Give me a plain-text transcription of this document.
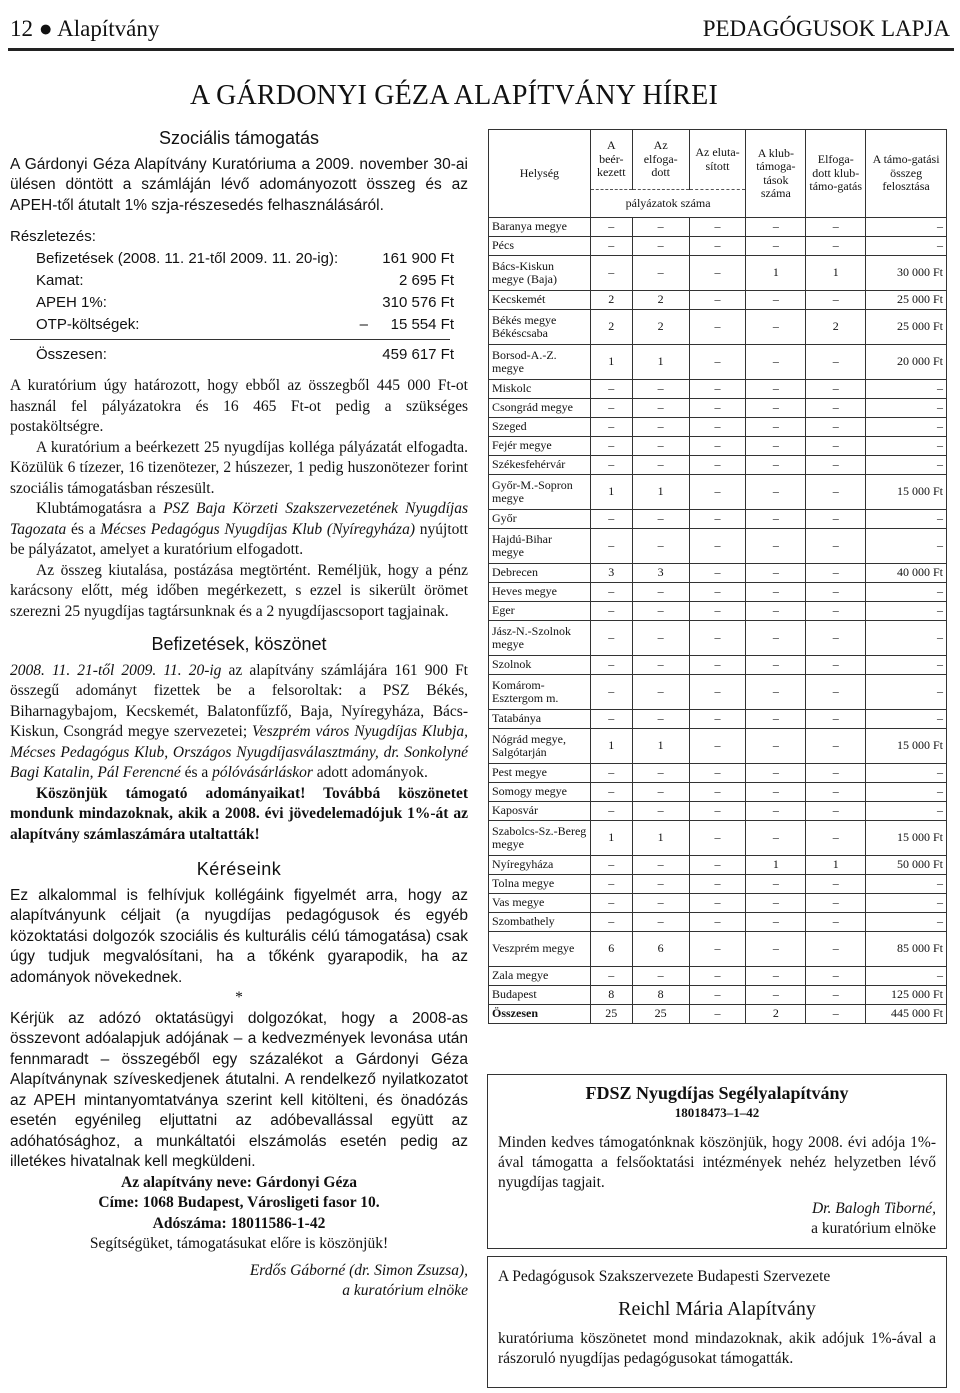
12 ● Alapítvány	PEDAGÓGUSOK LAPJA
A GÁRDONYI GÉZA ALAPÍTVÁNY HÍREI
Szociális támogatás

A Gárdonyi Géza Alapítvány Kuratóriuma a 2009. november 30-ai ülésen döntött a számláján lévő adományozott összeg és az APEH-től átutalt 1% szja-részesedés felhasználásáról.

Részletezés:
Befizetések (2008. 11. 21-től 2009. 11. 20-ig):	161 900 Ft
Kamat:	2 695 Ft
APEH 1%:	310 576 Ft
OTP-költségek:	– 15 554 Ft
Összesen:	459 617 Ft

A kuratórium úgy határozott, hogy ebből az összegből 445 000 Ft-ot használ fel pályázatokra és 16 465 Ft-ot pedig a szükséges postaköltségre.

A kuratórium a beérkezett 25 nyugdíjas kolléga pályázatát elfogadta. Közülük 6 tízezer, 16 tizenötezer, 2 húszezer, 1 pedig huszonötezer forint szociális támogatásban részesült.

Klubtámogatásra a PSZ Baja Körzeti Szakszervezetének Nyugdíjas Tagozata és a Mécses Pedagógus Nyugdíjas Klub (Nyíregyháza) nyújtott be pályázatot, amelyet a kuratórium elfogadott.

Az összeg kiutalása, postázása megtörtént. Reméljük, hogy a pénz karácsony előtt, még időben megérkezett, s ezzel is sikerült örömet szerezni 25 nyugdíjas tagtársunknak és a 2 nyugdíjascsoport tagjainak.

Befizetések, köszönet

2008. 11. 21-től 2009. 11. 20-ig az alapítvány számlájára 161 900 Ft összegű adományt fizettek be a felsoroltak: a PSZ Békés, Biharnagybajom, Kecskemét, Balatonfűzfő, Baja, Nyíregyháza, Bács-Kiskun, Csongrád megye szervezetei; Veszprém város Nyugdíjas Klubja, Mécses Pedagógus Klub, Országos Nyugdíjasválasztmány, dr. Sonkolyné Bagi Katalin, Pál Ferencné és a pólóvásárláskor adott adományok.

Köszönjük támogató adományaikat! Továbbá köszönetet mondunk mindazoknak, akik a 2008. évi jövedelemadójuk 1%-át az alapítvány számlaszámára utaltatták!

Kéréseink

Ez alkalommal is felhívjuk kollégáink figyelmét arra, hogy az alapítványunk céljait (a nyugdíjas pedagógusok és egyéb közoktatási dolgozók szociális és kulturális célú támogatása) csak úgy tudjuk megvalósítani, ha a tőkénk gyarapodik, ha az adományok növekednek.

*

Kérjük az adózó oktatásügyi dolgozókat, hogy a 2008-as összevont adóalapjuk adójának – a kedvezmények levonása után fennmaradt – összegéből egy százalékot a Gárdonyi Géza Alapítványnak szíveskedjenek átutalni. A rendelkező nyilatkozatot az APEH mintanyomtatványa szerint kell kitölteni, és önadózás esetén egyénileg eljuttatni az adóbevallással együtt az adóhatósághoz, a munkáltatói elszámolás esetén pedig az illetékes hivatalnak kell megküldeni.

Az alapítvány neve: Gárdonyi Géza
Címe: 1068 Budapest, Városligeti fasor 10.
Adószáma: 18011586-1-42
Segítségüket, támogatásukat előre is köszönjük!
Erdős Gáborné (dr. Simon Zsuzsa),
a kuratórium elnöke
Helység	A beér-kezett	Az elfoga-dott	Az eluta-sított	A klub-támoga-tások száma	Elfoga-dott klub-támo-gatás	A támo-gatási összeg felosztása
	pályázatok száma					
Baranya megye	–	–	–	–	–	–
Pécs	–	–	–	–	–	–
Bács-Kiskun megye (Baja)	–	–	–	1	1	30 000 Ft
Kecskemét	2	2	–	–	–	25 000 Ft
Békés megye Békéscsaba	2	2	–	–	2	25 000 Ft
Borsod-A.-Z. megye	1	1	–	–	–	20 000 Ft
Miskolc	–	–	–	–	–	–
Csongrád megye	–	–	–	–	–	–
Szeged	–	–	–	–	–	–
Fejér megye	–	–	–	–	–	–
Székesfehérvár	–	–	–	–	–	–
Győr-M.-Sopron megye	1	1	–	–	–	15 000 Ft
Győr	–	–	–	–	–	–
Hajdú-Bihar megye	–	–	–	–	–	–
Debrecen	3	3	–	–	–	40 000 Ft
Heves megye	–	–	–	–	–	–
Eger	–	–	–	–	–	–
Jász-N.-Szolnok megye	–	–	–	–	–	–
Szolnok	–	–	–	–	–	–
Komárom-Esztergom m.	–	–	–	–	–	–
Tatabánya	–	–	–	–	–	–
Nógrád megye, Salgótarján	1	1	–	–	–	15 000 Ft
Pest megye	–	–	–	–	–	–
Somogy megye	–	–	–	–	–	–
Kaposvár	–	–	–	–	–	–
Szabolcs-Sz.-Bereg megye	1	1	–	–	–	15 000 Ft
Nyíregyháza	–	–	–	1	1	50 000 Ft
Tolna megye	–	–	–	–	–	–
Vas megye	–	–	–	–	–	–
Szombathely	–	–	–	–	–	–
Veszprém megye	6	6	–	–	–	85 000 Ft
Zala megye	–	–	–	–	–	–
Budapest	8	8	–	–	–	125 000 Ft
Összesen	25	25	–	2	–	445 000 Ft
FDSZ Nyugdíjas Segélyalapítvány
18018473–1–42

Minden kedves támogatónknak köszönjük, hogy 2008. évi adója 1%-ával támogatta a felsőoktatási intézmények nehéz helyzetben lévő nyugdíjas tagjait.

Dr. Balogh Tiborné,
a kuratórium elnöke
A Pedagógusok Szakszervezete Budapesti Szervezete
Reichl Mária Alapítvány

kuratóriuma köszönetet mond mindazoknak, akik adójuk 1%-ával a rászoruló nyugdíjas pedagógusokat támogatták.
